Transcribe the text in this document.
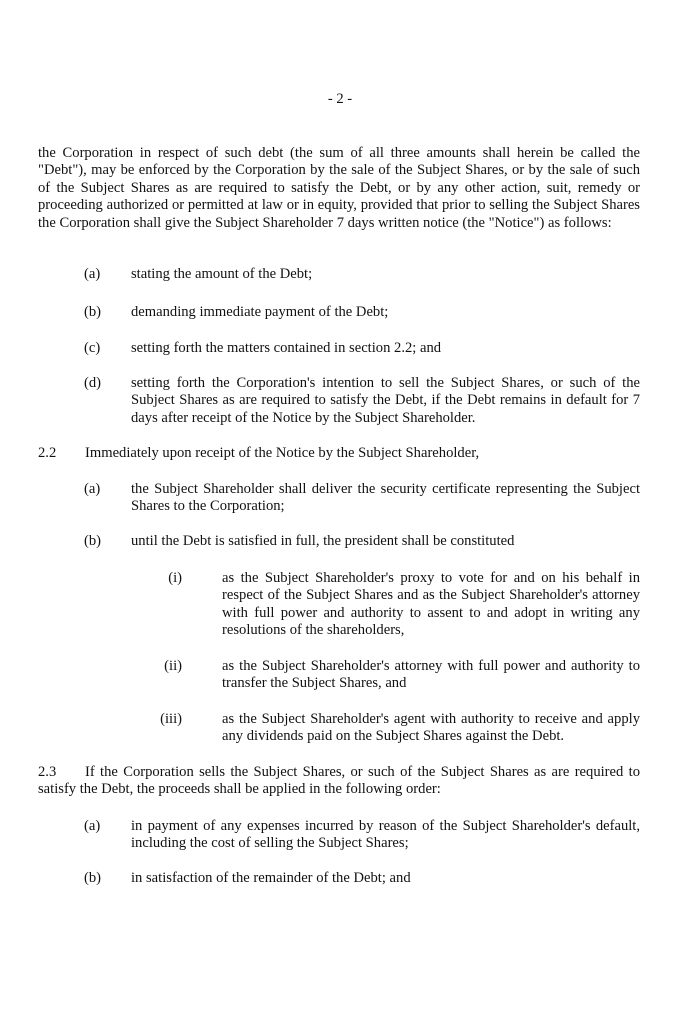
- 2 -
the Corporation in respect of such debt (the sum of all three amounts shall herein be called the "Debt"), may be enforced by the Corporation by the sale of the Subject Shares, or by the sale of such of the Subject Shares as are required to satisfy the Debt, or by any other action, suit, remedy or proceeding authorized or permitted at law or in equity, provided that prior to selling the Subject Shares the Corporation shall give the Subject Shareholder 7 days written notice (the "Notice") as follows:
(a)	stating the amount of the Debt;
(b)	demanding immediate payment of the Debt;
(c)	setting forth the matters contained in section 2.2; and
(d)	setting forth the Corporation's intention to sell the Subject Shares, or such of the Subject Shares as are required to satisfy the Debt, if the Debt remains in default for 7 days after receipt of the Notice by the Subject Shareholder.
2.2 Immediately upon receipt of the Notice by the Subject Shareholder,
(a)	the Subject Shareholder shall deliver the security certificate representing the Subject Shares to the Corporation;
(b)	until the Debt is satisfied in full, the president shall be constituted
(i)	as the Subject Shareholder's proxy to vote for and on his behalf in respect of the Subject Shares and as the Subject Shareholder's attorney with full power and authority to assent to and adopt in writing any resolutions of the shareholders,
(ii)	as the Subject Shareholder's attorney with full power and authority to transfer the Subject Shares, and
(iii)	as the Subject Shareholder's agent with authority to receive and apply any dividends paid on the Subject Shares against the Debt.
2.3	If the Corporation sells the Subject Shares, or such of the Subject Shares as are required to satisfy the Debt, the proceeds shall be applied in the following order:
(a)	in payment of any expenses incurred by reason of the Subject Shareholder's default, including the cost of selling the Subject Shares;
(b)	in satisfaction of the remainder of the Debt; and
